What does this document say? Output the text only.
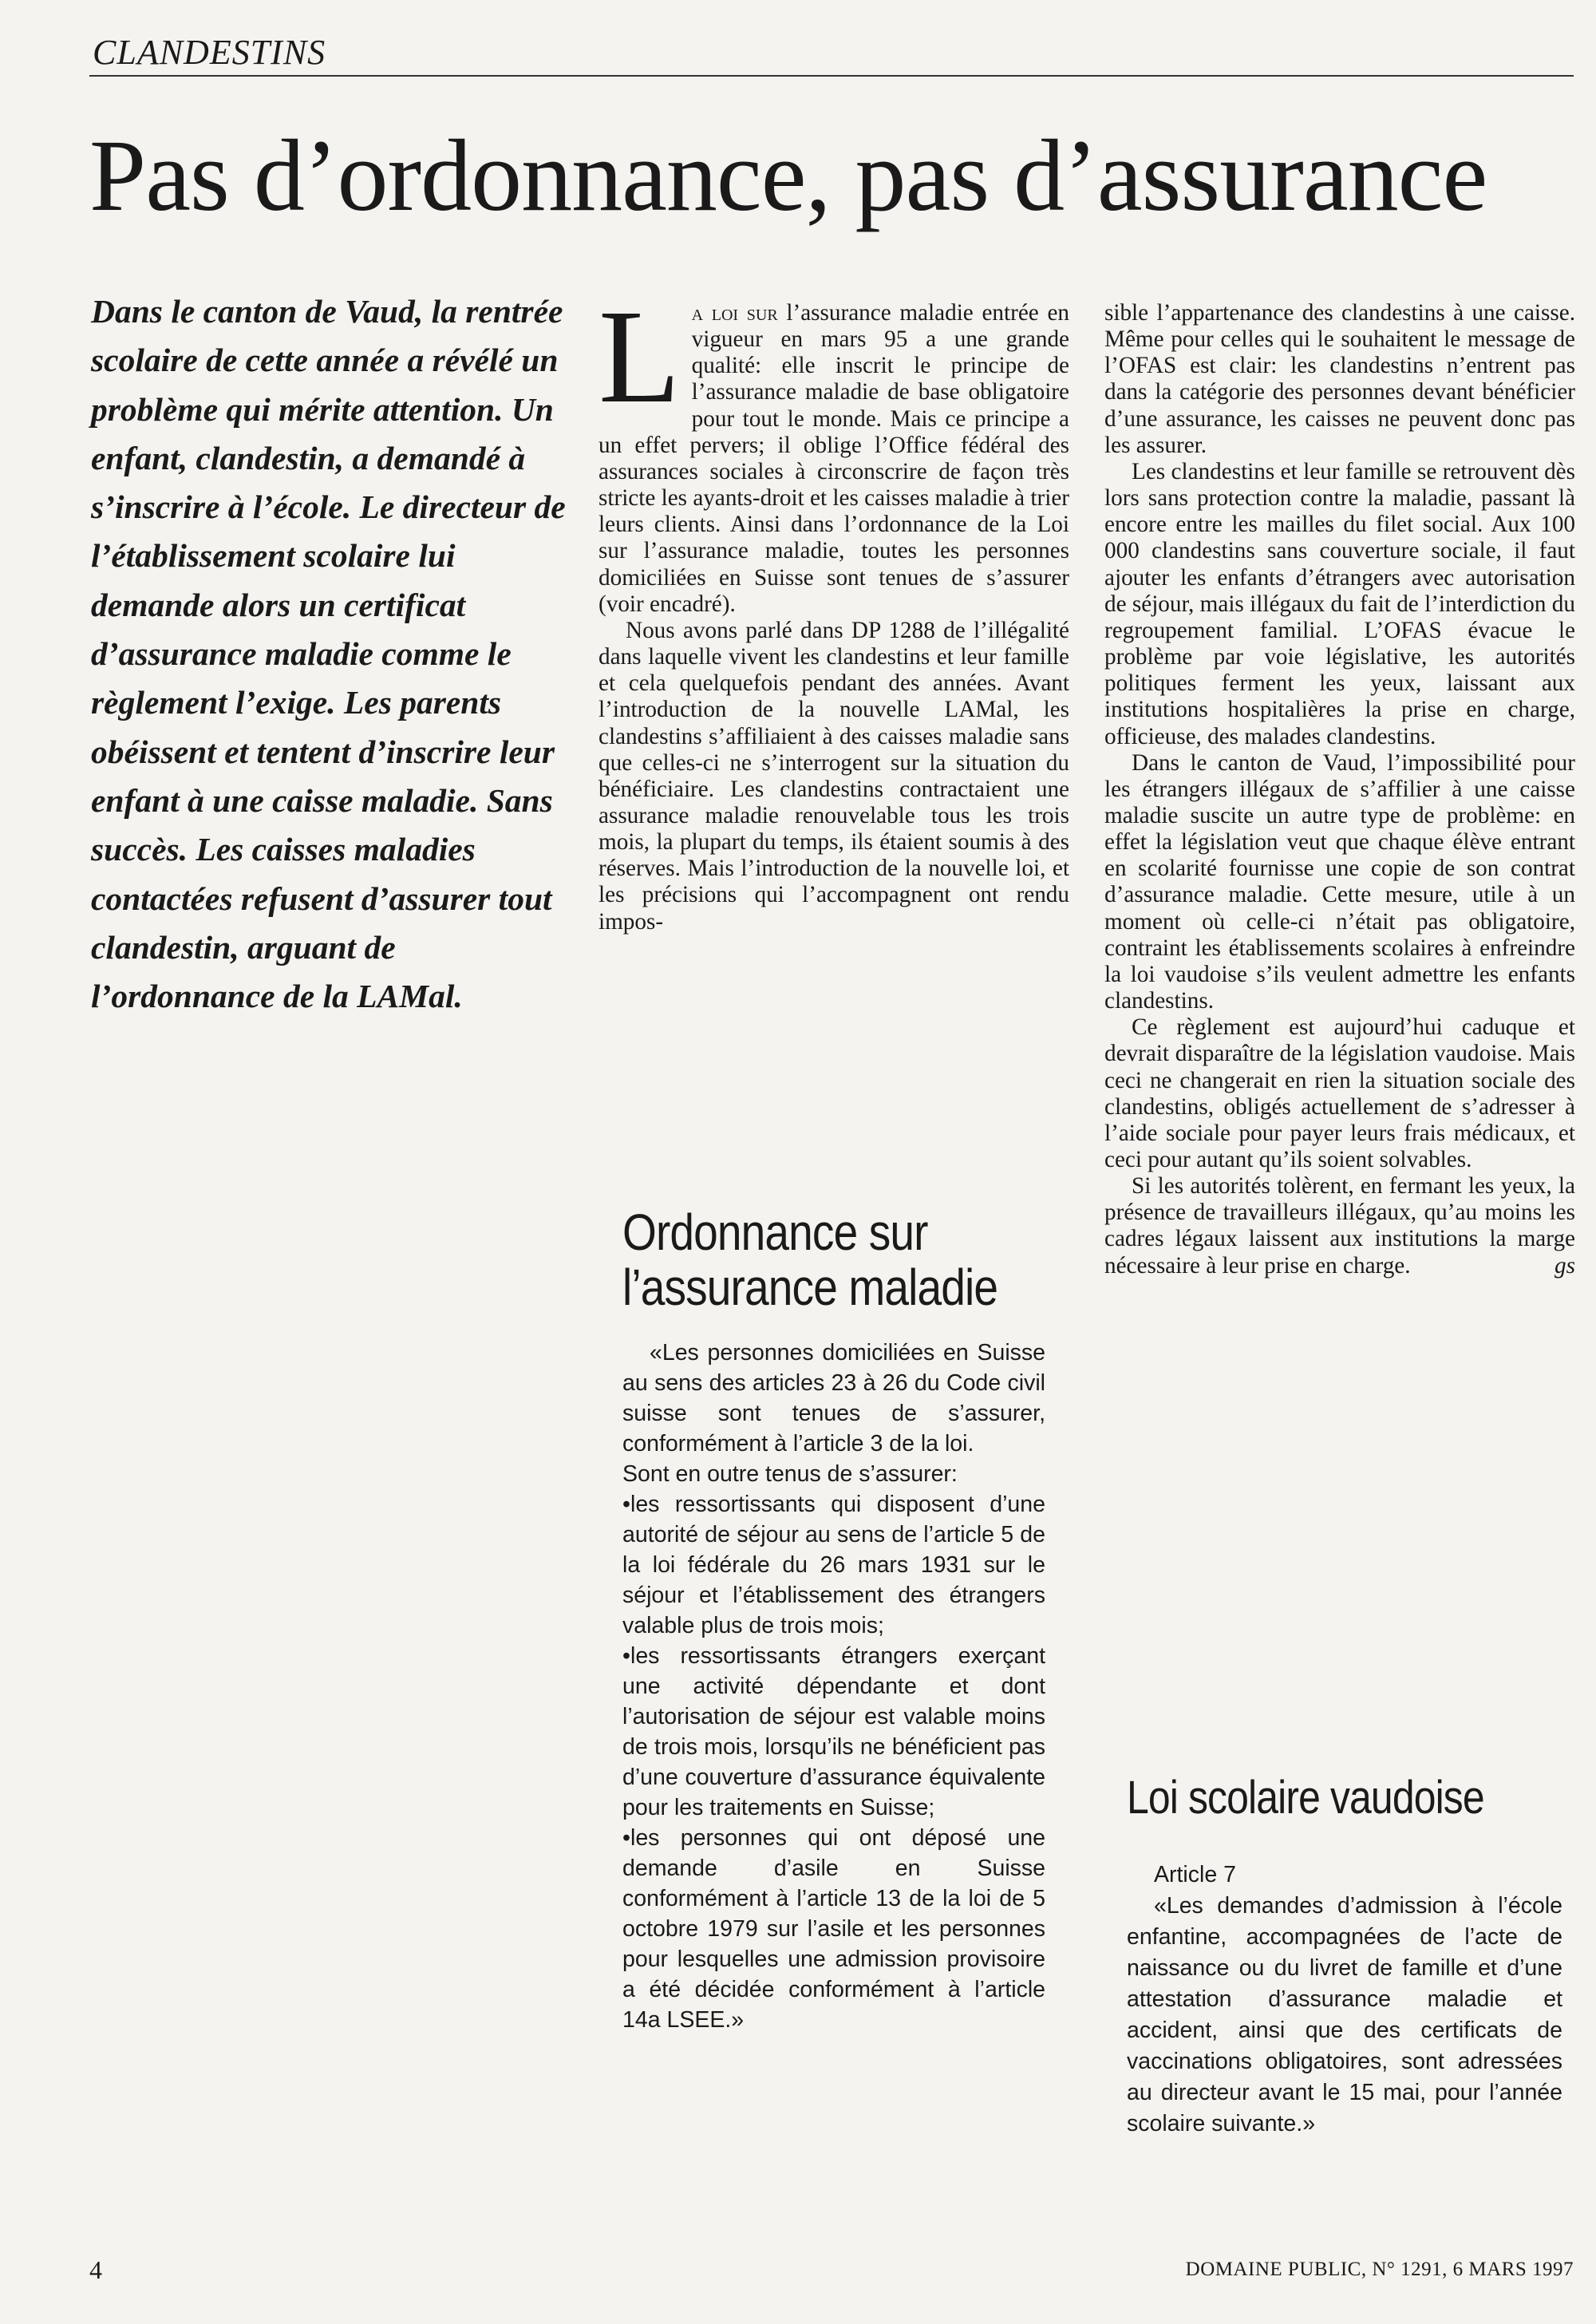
CLANDESTINS
Pas d’ordonnance, pas d’assurance

Dans le canton de Vaud, la rentrée scolaire de cette année a révélé un problème qui mérite attention. Un enfant, clandestin, a demandé à s’inscrire à l’école. Le directeur de l’établissement scolaire lui demande alors un certificat d’assurance maladie comme le règlement l’exige. Les parents obéissent et tentent d’inscrire leur enfant à une caisse maladie. Sans succès. Les caisses maladies contactées refusent d’assurer tout clandestin, arguant de l’ordonnance de la LAMal.

La loi sur l’assurance maladie entrée en vigueur en mars 95 a une grande qualité: elle inscrit le principe de l’assurance maladie de base obligatoire pour tout le monde. Mais ce principe a un effet pervers; il oblige l’Office fédéral des assurances sociales à circonscrire de façon très stricte les ayants-droit et les caisses maladie à trier leurs clients. Ainsi dans l’ordonnance de la Loi sur l’assurance maladie, toutes les personnes domiciliées en Suisse sont tenues de s’assurer (voir encadré).

Nous avons parlé dans DP 1288 de l’illégalité dans laquelle vivent les clandestins et leur famille et cela quelquefois pendant des années. Avant l’introduction de la nouvelle LAMal, les clandestins s’affiliaient à des caisses maladie sans que celles-ci ne s’interrogent sur la situation du bénéficiaire. Les clandestins contractaient une assurance maladie renouvelable tous les trois mois, la plupart du temps, ils étaient soumis à des réserves. Mais l’introduction de la nouvelle loi, et les précisions qui l’accompagnent ont rendu impos-

sible l’appartenance des clandestins à une caisse. Même pour celles qui le souhaitent le message de l’OFAS est clair: les clandestins n’entrent pas dans la catégorie des personnes devant bénéficier d’une assurance, les caisses ne peuvent donc pas les assurer.

Les clandestins et leur famille se retrouvent dès lors sans protection contre la maladie, passant là encore entre les mailles du filet social. Aux 100 000 clandestins sans couverture sociale, il faut ajouter les enfants d’étrangers avec autorisation de séjour, mais illégaux du fait de l’interdiction du regroupement familial. L’OFAS évacue le problème par voie législative, les autorités politiques ferment les yeux, laissant aux institutions hospitalières la prise en charge, officieuse, des malades clandestins.

Dans le canton de Vaud, l’impossibilité pour les étrangers illégaux de s’affilier à une caisse maladie suscite un autre type de problème: en effet la législation veut que chaque élève entrant en scolarité fournisse une copie de son contrat d’assurance maladie. Cette mesure, utile à un moment où celle-ci n’était pas obligatoire, contraint les établissements scolaires à enfreindre la loi vaudoise s’ils veulent admettre les enfants clandestins.

Ce règlement est aujourd’hui caduque et devrait disparaître de la législation vaudoise. Mais ceci ne changerait en rien la situation sociale des clandestins, obligés actuellement de s’adresser à l’aide sociale pour payer leurs frais médicaux, et ceci pour autant qu’ils soient solvables.

Si les autorités tolèrent, en fermant les yeux, la présence de travailleurs illégaux, qu’au moins les cadres légaux laissent aux institutions la marge nécessaire à leur prise en charge.	gs

Ordonnance sur l’assurance maladie

«Les personnes domiciliées en Suisse au sens des articles 23 à 26 du Code civil suisse sont tenues de s’assurer, conformément à l’article 3 de la loi.

Sont en outre tenus de s’assurer:

• les ressortissants qui disposent d’une autorité de séjour au sens de l’article 5 de la loi fédérale du 26 mars 1931 sur le séjour et l’établissement des étrangers valable plus de trois mois;
• les ressortissants étrangers exerçant une activité dépendante et dont l’autorisation de séjour est valable moins de trois mois, lorsqu’ils ne bénéficient pas d’une couverture d’assurance équivalente pour les traitements en Suisse;
• les personnes qui ont déposé une demande d’asile en Suisse conformément à l’article 13 de la loi de 5 octobre 1979 sur l’asile et les personnes pour lesquelles une admission provisoire a été décidée conformément à l’article 14a LSEE.»
Loi scolaire vaudoise

Article 7

«Les demandes d’admission à l’école enfantine, accompagnées de l’acte de naissance ou du livret de famille et d’une attestation d’assurance maladie et accident, ainsi que des certificats de vaccinations obligatoires, sont adressées au directeur avant le 15 mai, pour l’année scolaire suivante.»

4	DOMAINE PUBLIC, N° 1291, 6 MARS 1997
